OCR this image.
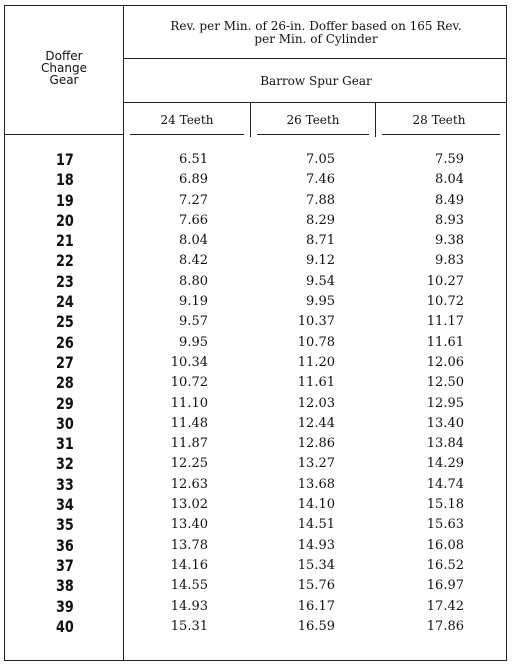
Doffer
Change
Gear
Rev. per Min. of 26-in. Doffer based on 165 Rev.
per Min. of Cylinder
Barrow Spur Gear
24 Teeth	26 Teeth	28 Teeth
17
18
19
20
21
22
23
24
25
26
27
28
29
30
31
32
33
34
35
36
37
38
39
40
6.51
6.89
7.27
7.66
8.04
8.42
8.80
9.19
9.57
9.95
10.34
10.72
11.10
11.48
11.87
12.25
12.63
13.02
13.40
13.78
14.16
14.55
14.93
15.31
7.05
7.46
7.88
8.29
8.71
9.12
9.54
9.95
10.37
10.78
11.20
11.61
12.03
12.44
12.86
13.27
13.68
14.10
14.51
14.93
15.34
15.76
16.17
16.59
7.59
8.04
8.49
8.93
9.38
9.83
10.27
10.72
11.17
11.61
12.06
12.50
12.95
13.40
13.84
14.29
14.74
15.18
15.63
16.08
16.52
16.97
17.42
17.86
